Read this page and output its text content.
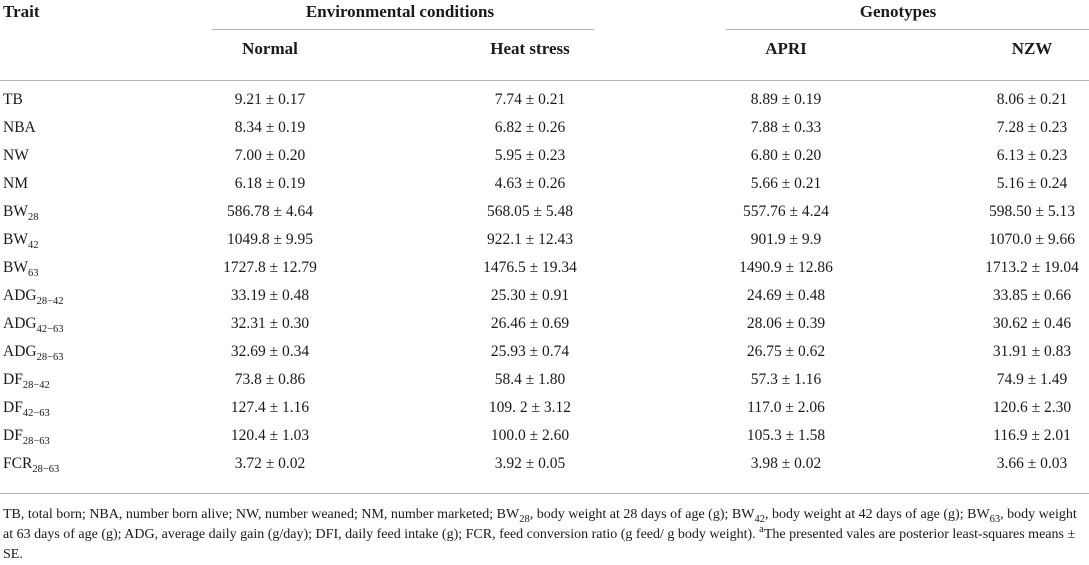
Trait	Environmental conditions	Genotypes
Normal	Heat stress	APRI	NZW
TB	9.21 ± 0.17	7.74 ± 0.21	8.89 ± 0.19	8.06 ± 0.21
NBA	8.34 ± 0.19	6.82 ± 0.26	7.88 ± 0.33	7.28 ± 0.23
NW	7.00 ± 0.20	5.95 ± 0.23	6.80 ± 0.20	6.13 ± 0.23
NM	6.18 ± 0.19	4.63 ± 0.26	5.66 ± 0.21	5.16 ± 0.24
$BW_{28}$	586.78 ± 4.64	568.05 ± 5.48	557.76 ± 4.24	598.50 ± 5.13
$BW_{42}$	1049.8 ± 9.95	922.1 ± 12.43	901.9 ± 9.9	1070.0 ± 9.66
$BW_{63}$	1727.8 ± 12.79	1476.5 ± 19.34	1490.9 ± 12.86	1713.2 ± 19.04
$ADG_{28-42}$	33.19 ± 0.48	25.30 ± 0.91	24.69 ± 0.48	33.85 ± 0.66
$ADG_{42-63}$	32.31 ± 0.30	26.46 ± 0.69	28.06 ± 0.39	30.62 ± 0.46
$ADG_{28-63}$	32.69 ± 0.34	25.93 ± 0.74	26.75 ± 0.62	31.91 ± 0.83
$DF_{28-42}$	73.8 ± 0.86	58.4 ± 1.80	57.3 ± 1.16	74.9 ± 1.49
$DF_{42-63}$	127.4 ± 1.16	109. 2 ± 3.12	117.0 ± 2.06	120.6 ± 2.30
$DF_{28-63}$	120.4 ± 1.03	100.0 ± 2.60	105.3 ± 1.58	116.9 ± 2.01
$FCR_{28-63}$	3.72 ± 0.02	3.92 ± 0.05	3.98 ± 0.02	3.66 ± 0.03
TB, total born; NBA, number born alive; NW, number weaned; NM, number marketed; $BW_{28}$, body weight at 28 days of age (g); $BW_{42}$, body weight at 42 days of age (g); $BW_{63}$, body weight at 63 days of age (g); ADG, average daily gain (g/day); DFI, daily feed intake (g); FCR, feed conversion ratio (g feed/ g body weight). $^a$The presented vales are posterior least-squares means ± SE.
